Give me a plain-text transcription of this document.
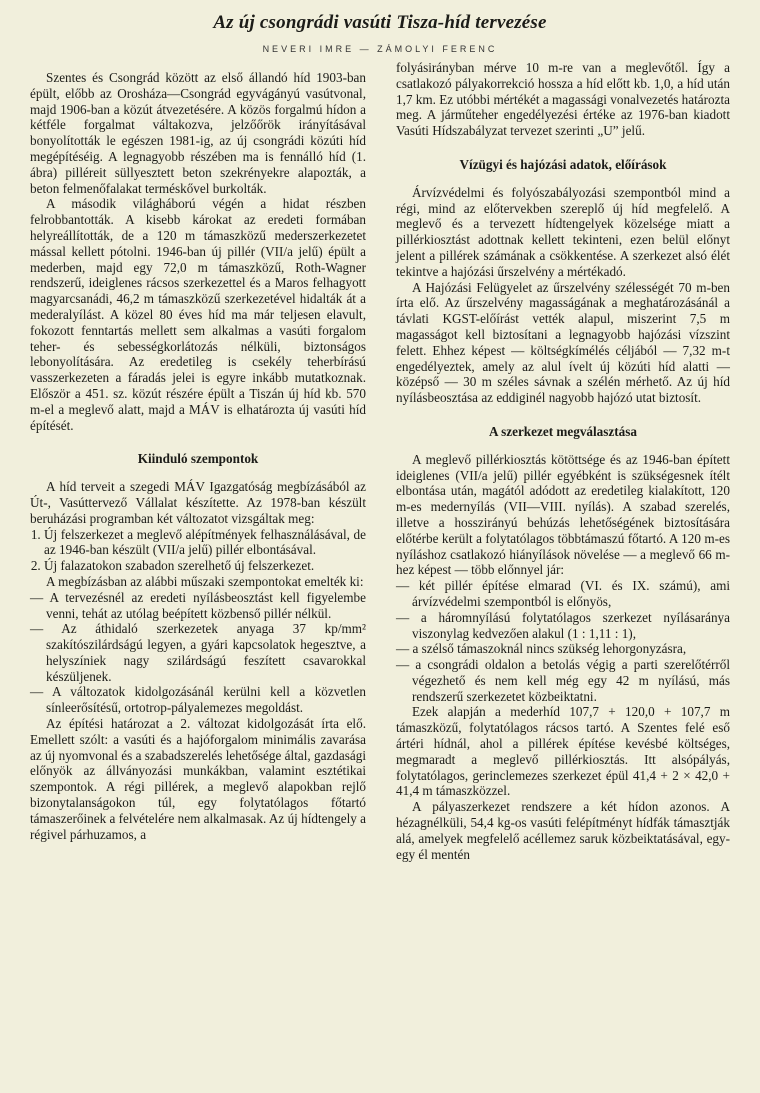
Az új csongrádi vasúti Tisza-híd tervezése
NEVERI IMRE — ZÁMOLYI FERENC

Szentes és Csongrád között az első állandó híd 1903-ban épült, előbb az Orosháza—Csongrád egyvágányú vasútvonal, majd 1906-ban a közút átvezetésére. A közös forgalmú hídon a kétféle forgalmat váltakozva, jelzőőrök irányításával bonyolították le egészen 1981-ig, az új csongrádi közúti híd megépítéséig. A legnagyobb részében ma is fennálló híd (1. ábra) pilléreit süllyesztett beton szekrényekre alapozták, a beton felmenőfalakat terméskővel burkolták.

A második világháború végén a hidat részben felrobbantották. A kisebb károkat az eredeti formában helyreállították, de a 120 m támaszközű mederszerkezetet mással kellett pótolni. 1946-ban új pillér (VII/a jelű) épült a mederben, majd egy 72,0 m támaszközű, Roth-Wagner rendszerű, ideiglenes rácsos szerkezettel és a Maros felhagyott magyarcsanádi, 46,2 m támaszközű szerkezetével hidalták át a mederalyílást. A közel 80 éves híd ma már teljesen elavult, fokozott fenntartás mellett sem alkalmas a vasúti forgalom teher- és sebességkorlátozás nélküli, biztonságos lebonyolítására. Az eredetileg is csekély teherbírású vasszerkezeten a fáradás jelei is egyre inkább mutatkoznak. Először a 451. sz. közút részére épült a Tiszán új híd kb. 570 m-el a meglevő alatt, majd a MÁV is elhatározta új vasúti híd építését.

Kiinduló szempontok

A híd terveit a szegedi MÁV Igazgatóság megbízásából az Út-, Vasúttervező Vállalat készítette. Az 1978-ban készült beruházási programban két változatot vizsgáltak meg:

1. Új felszerkezet a meglevő alépítmények felhasználásával, de az 1946-ban készült (VII/a jelű) pillér elbontásával.
2. Új falazatokon szabadon szerelhető új felszerkezet.

A megbízásban az alábbi műszaki szempontokat emelték ki:

— A tervezésnél az eredeti nyílásbeosztást kell figyelembe venni, tehát az utólag beépített közbenső pillér nélkül.
— Az áthidaló szerkezetek anyaga 37 kp/mm² szakítószilárdságú legyen, a gyári kapcsolatok hegesztve, a helyszíniek nagy szilárdságú feszített csavarokkal készüljenek.
— A változatok kidolgozásánál kerülni kell a közvetlen sínleerősítésű, ortotrop-pályalemezes megoldást.

Az építési határozat a 2. változat kidolgozását írta elő. Emellett szólt: a vasúti és a hajóforgalom minimális zavarása az új nyomvonal és a szabadszerelés lehetősége által, gazdasági előnyök az állványozási munkákban, valamint esztétikai szempontok. A régi pillérek, a meglevő alapokban rejlő bizonytalanságokon túl, egy folytatólagos főtartó támaszerőinek a felvételére nem alkalmasak. Az új hídtengely a régivel párhuzamos, a

folyásirányban mérve 10 m-re van a meglevőtől. Így a csatlakozó pályakorrekció hossza a híd előtt kb. 1,0, a híd után 1,7 km. Ez utóbbi mértékét a magassági vonalvezetés határozta meg. A járműteher engedélyezési értéke az 1976-ban kiadott Vasúti Hídszabályzat tervezet szerinti „U” jelű.

Vízügyi és hajózási adatok, előírások

Árvízvédelmi és folyószabályozási szempontból mind a régi, mind az előtervekben szereplő új híd megfelelő. A meglevő és a tervezett hídtengelyek közelsége miatt a pillérkiosztást adottnak kellett tekinteni, ezen belül előnyt jelent a pillérek számának a csökkentése. A szerkezet alsó élét tekintve a hajózási űrszelvény a mértékadó.

A Hajózási Felügyelet az űrszelvény szélességét 70 m-ben írta elő. Az űrszelvény magasságának a meghatározásánál a távlati KGST-előírást vették alapul, miszerint 7,5 m magasságot kell biztosítani a legnagyobb hajózási vízszint felett. Ehhez képest — költségkímélés céljából — 7,32 m-t engedélyeztek, amely az alul ívelt új közúti híd alatti — középső — 30 m széles sávnak a szélén mérhető. Az új híd nyílásbeosztása az eddiginél nagyobb hajózó utat biztosít.

A szerkezet megválasztása

A meglevő pillérkiosztás kötöttsége és az 1946-ban épített ideiglenes (VII/a jelű) pillér egyébként is szükségesnek ítélt elbontása után, magától adódott az eredetileg kialakított, 120 m-es medernyílás (VII—VIII. nyílás). A szabad szerelés, illetve a hosszirányú behúzás lehetőségének biztosítására előtérbe került a folytatólagos többtámaszú főtartó. A 120 m-es nyíláshoz csatlakozó hiányílások növelése — a meglevő 66 m-hez képest — több előnnyel jár:

— két pillér építése elmarad (VI. és IX. számú), ami árvízvédelmi szempontból is előnyös,
— a háromnyílású folytatólagos szerkezet nyílásaránya viszonylag kedvezően alakul (1 : 1,11 : 1),
— a szélső támaszoknál nincs szükség lehorgonyzásra,
— a csongrádi oldalon a betolás végig a parti szerelőtérről végezhető és nem kell még egy 42 m nyílású, más rendszerű szerkezetet közbeiktatni.

Ezek alapján a mederhíd 107,7 + 120,0 + 107,7 m támaszközű, folytatólagos rácsos tartó. A Szentes felé eső ártéri hídnál, ahol a pillérek építése kevésbé költséges, megmaradt a meglevő pillérkiosztás. Itt alsópályás, folytatólagos, gerinclemezes szerkezet épül 41,4 + 2 × 42,0 + 41,4 m támaszközzel.

A pályaszerkezet rendszere a két hídon azonos. A hézagnélküli, 54,4 kg-os vasúti felépítményt hídfák támasztják alá, amelyek megfelelő acéllemez saruk közbeiktatásával, egy-egy él mentén
